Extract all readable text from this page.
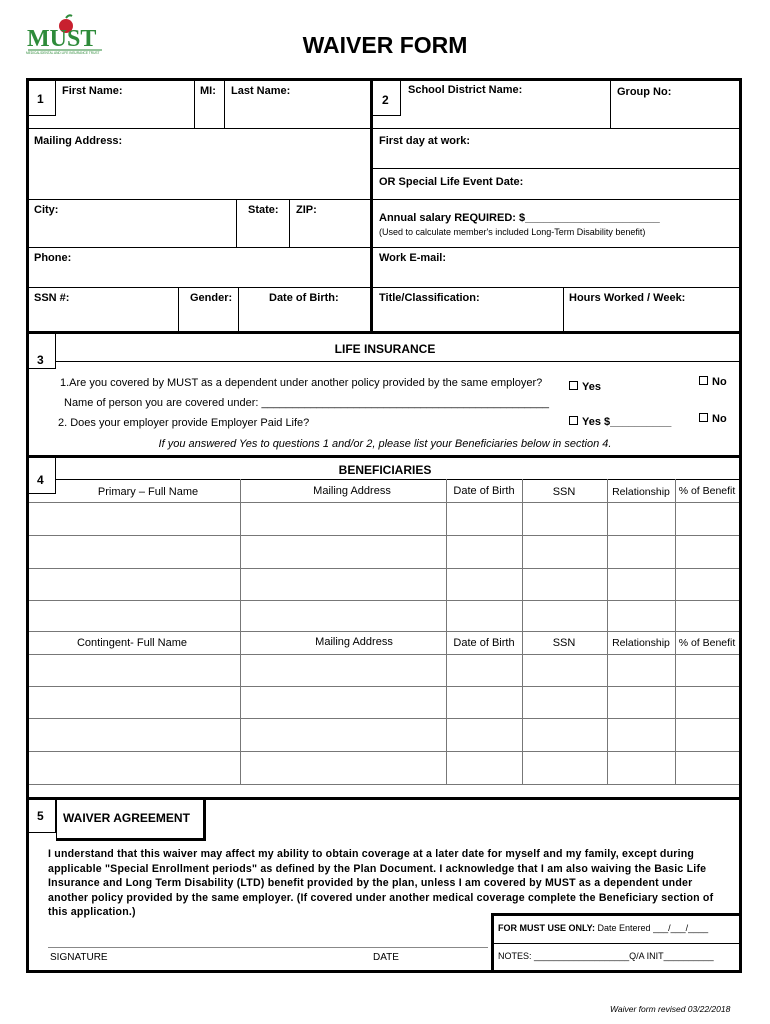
MUST
MEDICAL/DENTAL AND LIFE INSURANCE TRUST	WAIVER FORM
1
First Name:	MI: Last Name:
Mailing Address:
City:	State: ZIP:
Phone:
SSN #:	Gender:	Date of Birth:
2
School District Name:	Group No:
First day at work:
OR Special Life Event Date:
Annual salary REQUIRED: $______________________
(Used to calculate member's included Long-Term Disability benefit)
Work E-mail:
Title/Classification:	Hours Worked / Week:
3
LIFE INSURANCE
1.Are you covered by MUST as a dependent under another policy provided by the same employer?	Yes	No
Name of person you are covered under: _______________________________________________
2. Does your employer provide Employer Paid Life?	Yes $__________	No
If you answered Yes to questions 1 and/or 2, please list your Beneficiaries below in section 4.
4
BENEFICIARIES
Primary – Full Name	Mailing Address	Date of Birth	SSN	Relationship % of Benefit
Contingent- Full Name	Mailing Address	Date of Birth	SSN	Relationship % of Benefit
5 WAIVER AGREEMENT
I understand that this waiver may affect my ability to obtain coverage at a later date for myself and my family, except during applicable "Special Enrollment periods" as defined by the Plan Document. I acknowledge that I am also waiving the Basic Life Insurance and Long Term Disability (LTD) benefit provided by the plan, unless I am covered by MUST as a dependent under another policy provided by the same employer. (If covered under another medical coverage complete the Beneficiary section of this application.)
SIGNATURE	DATE
FOR MUST USE ONLY: Date Entered ___/___/____
NOTES: ___________________Q/A INIT__________
Waiver form revised 03/22/2018
